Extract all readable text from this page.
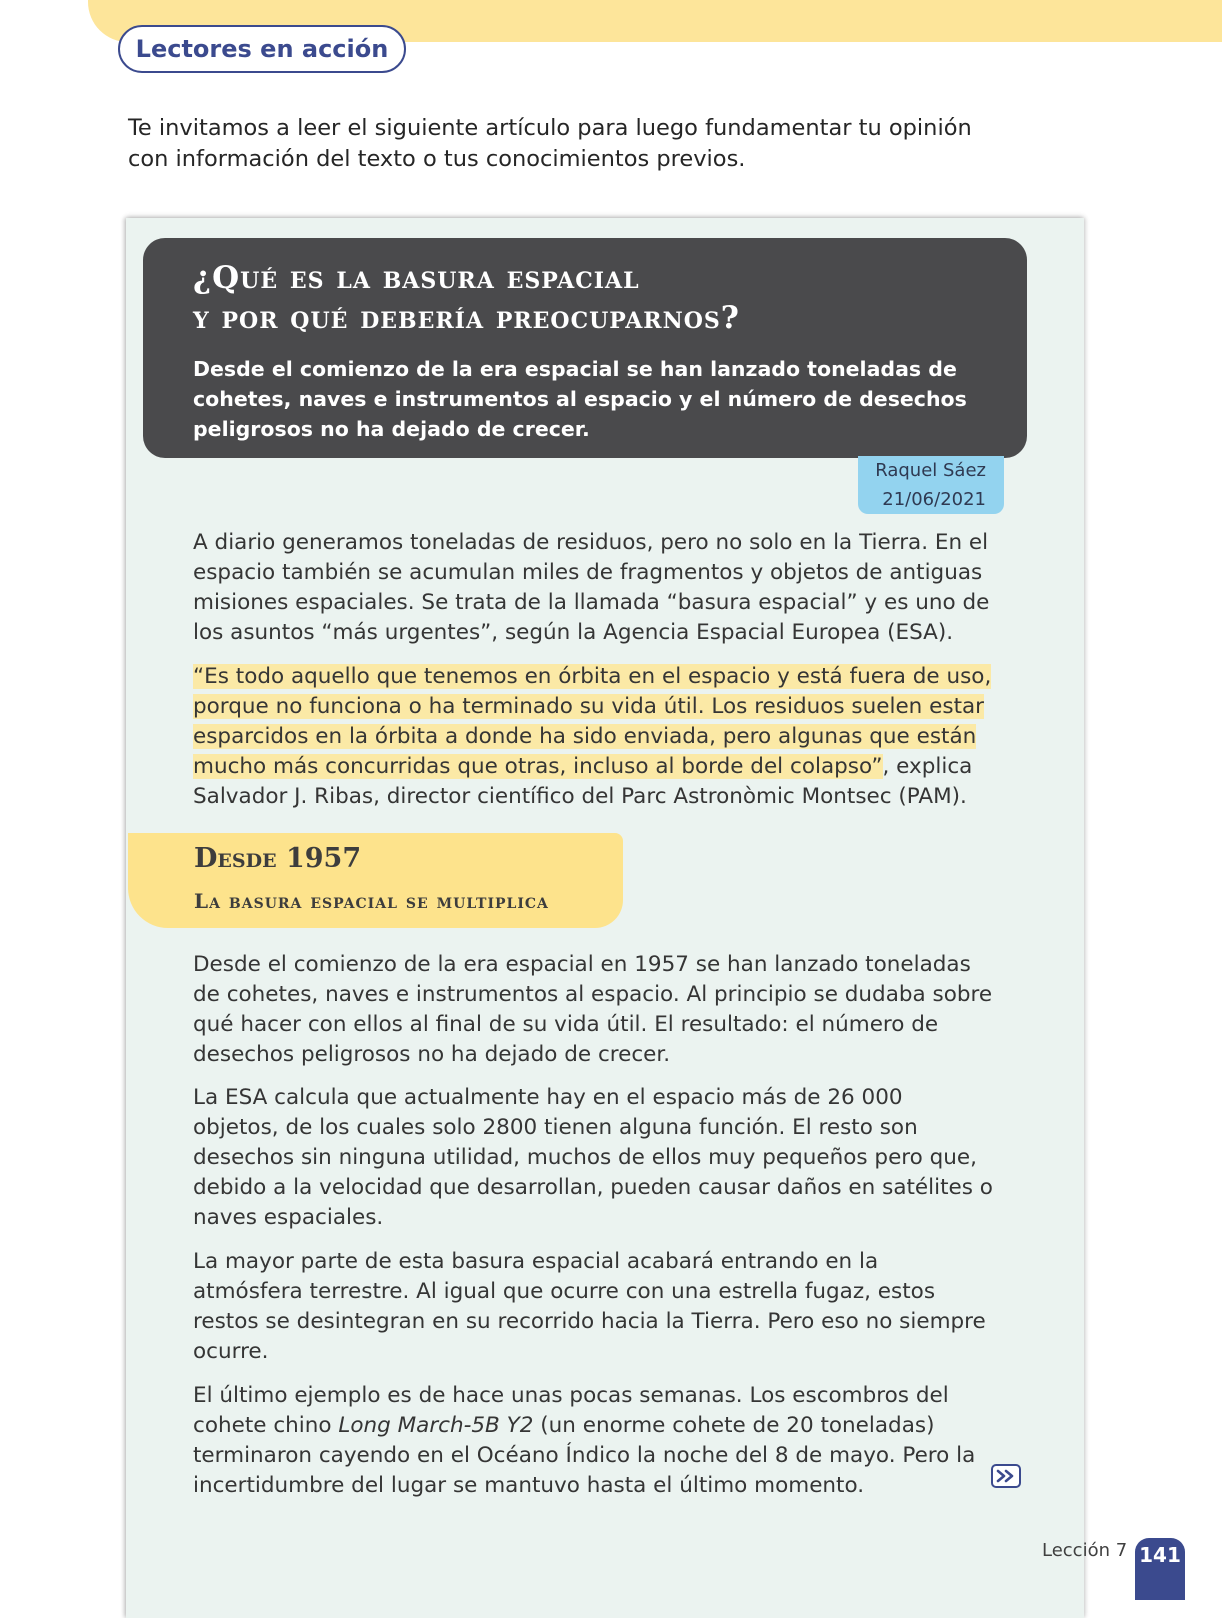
Lectores en acción

Te invitamos a leer el siguiente artículo para luego fundamentar tu opinión con información del texto o tus conocimientos previos.

¿Qué es la basura espacial

y por qué debería preocuparnos?

Desde el comienzo de la era espacial se han lanzado toneladas de cohetes, naves e instrumentos al espacio y el número de desechos peligrosos no ha dejado de crecer.

Raquel Sáez
21/06/2021

A diario generamos toneladas de residuos, pero no solo en la Tierra. En el espacio también se acumulan miles de fragmentos y objetos de antiguas misiones espaciales. Se trata de la llamada “basura espacial” y es uno de los asuntos “más urgentes”, según la Agencia Espacial Europea (ESA).

“Es todo aquello que tenemos en órbita en el espacio y está fuera de uso, porque no funciona o ha terminado su vida útil. Los residuos suelen estar esparcidos en la órbita a donde ha sido enviada, pero algunas que están mucho más concurridas que otras, incluso al borde del colapso”, explica Salvador J. Ribas, director científico del Parc Astronòmic Montsec (PAM).

Desde 1957

La basura espacial se multiplica

Desde el comienzo de la era espacial en 1957 se han lanzado toneladas de cohetes, naves e instrumentos al espacio. Al principio se dudaba sobre qué hacer con ellos al final de su vida útil. El resultado: el número de desechos peligrosos no ha dejado de crecer.

La ESA calcula que actualmente hay en el espacio más de 26 000 objetos, de los cuales solo 2800 tienen alguna función. El resto son desechos sin ninguna utilidad, muchos de ellos muy pequeños pero que, debido a la velocidad que desarrollan, pueden causar daños en satélites o naves espaciales.

La mayor parte de esta basura espacial acabará entrando en la atmósfera terrestre. Al igual que ocurre con una estrella fugaz, estos restos se desintegran en su recorrido hacia la Tierra. Pero eso no siempre ocurre.

El último ejemplo es de hace unas pocas semanas. Los escombros del cohete chino Long March-5B Y2 (un enorme cohete de 20 toneladas) terminaron cayendo en el Océano Índico la noche del 8 de mayo. Pero la incertidumbre del lugar se mantuvo hasta el último momento.

Lección 7 141
